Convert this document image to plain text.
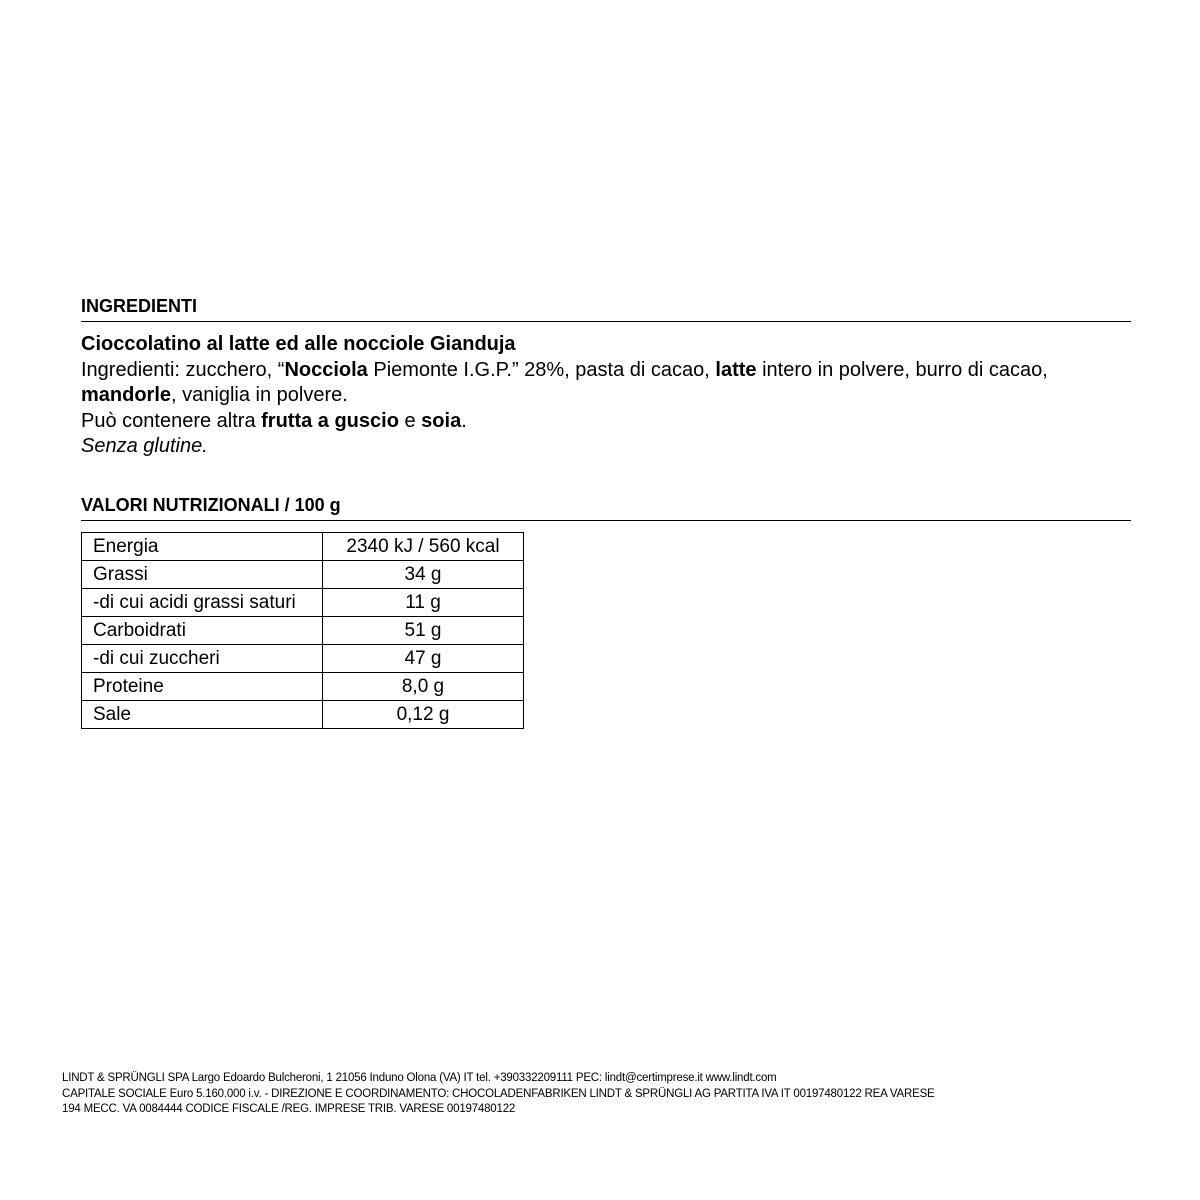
INGREDIENTI

Cioccolatino al latte ed alle nocciole Gianduja

Ingredienti: zucchero, “Nocciola Piemonte I.G.P.” 28%, pasta di cacao, latte intero in polvere, burro di cacao, mandorle, vaniglia in polvere.

Può contenere altra frutta a guscio e soia.

Senza glutine.

VALORI NUTRIZIONALI / 100 g
Energia	2340 kJ / 560 kcal
Grassi	34 g
-di cui acidi grassi saturi	11 g
Carboidrati	51 g
-di cui zuccheri	47 g
Proteine	8,0 g
Sale	0,12 g

LINDT & SPRÜNGLI SPA Largo Edoardo Bulcheroni, 1 21056 Induno Olona (VA) IT tel. +390332209111 PEC: lindt@certimprese.it www.lindt.com

CAPITALE SOCIALE Euro 5.160.000 i.v. - DIREZIONE E COORDINAMENTO: CHOCOLADENFABRIKEN LINDT & SPRÜNGLI AG PARTITA IVA IT 00197480122 REA VARESE

194 MECC. VA 0084444 CODICE FISCALE /REG. IMPRESE TRIB. VARESE 00197480122
